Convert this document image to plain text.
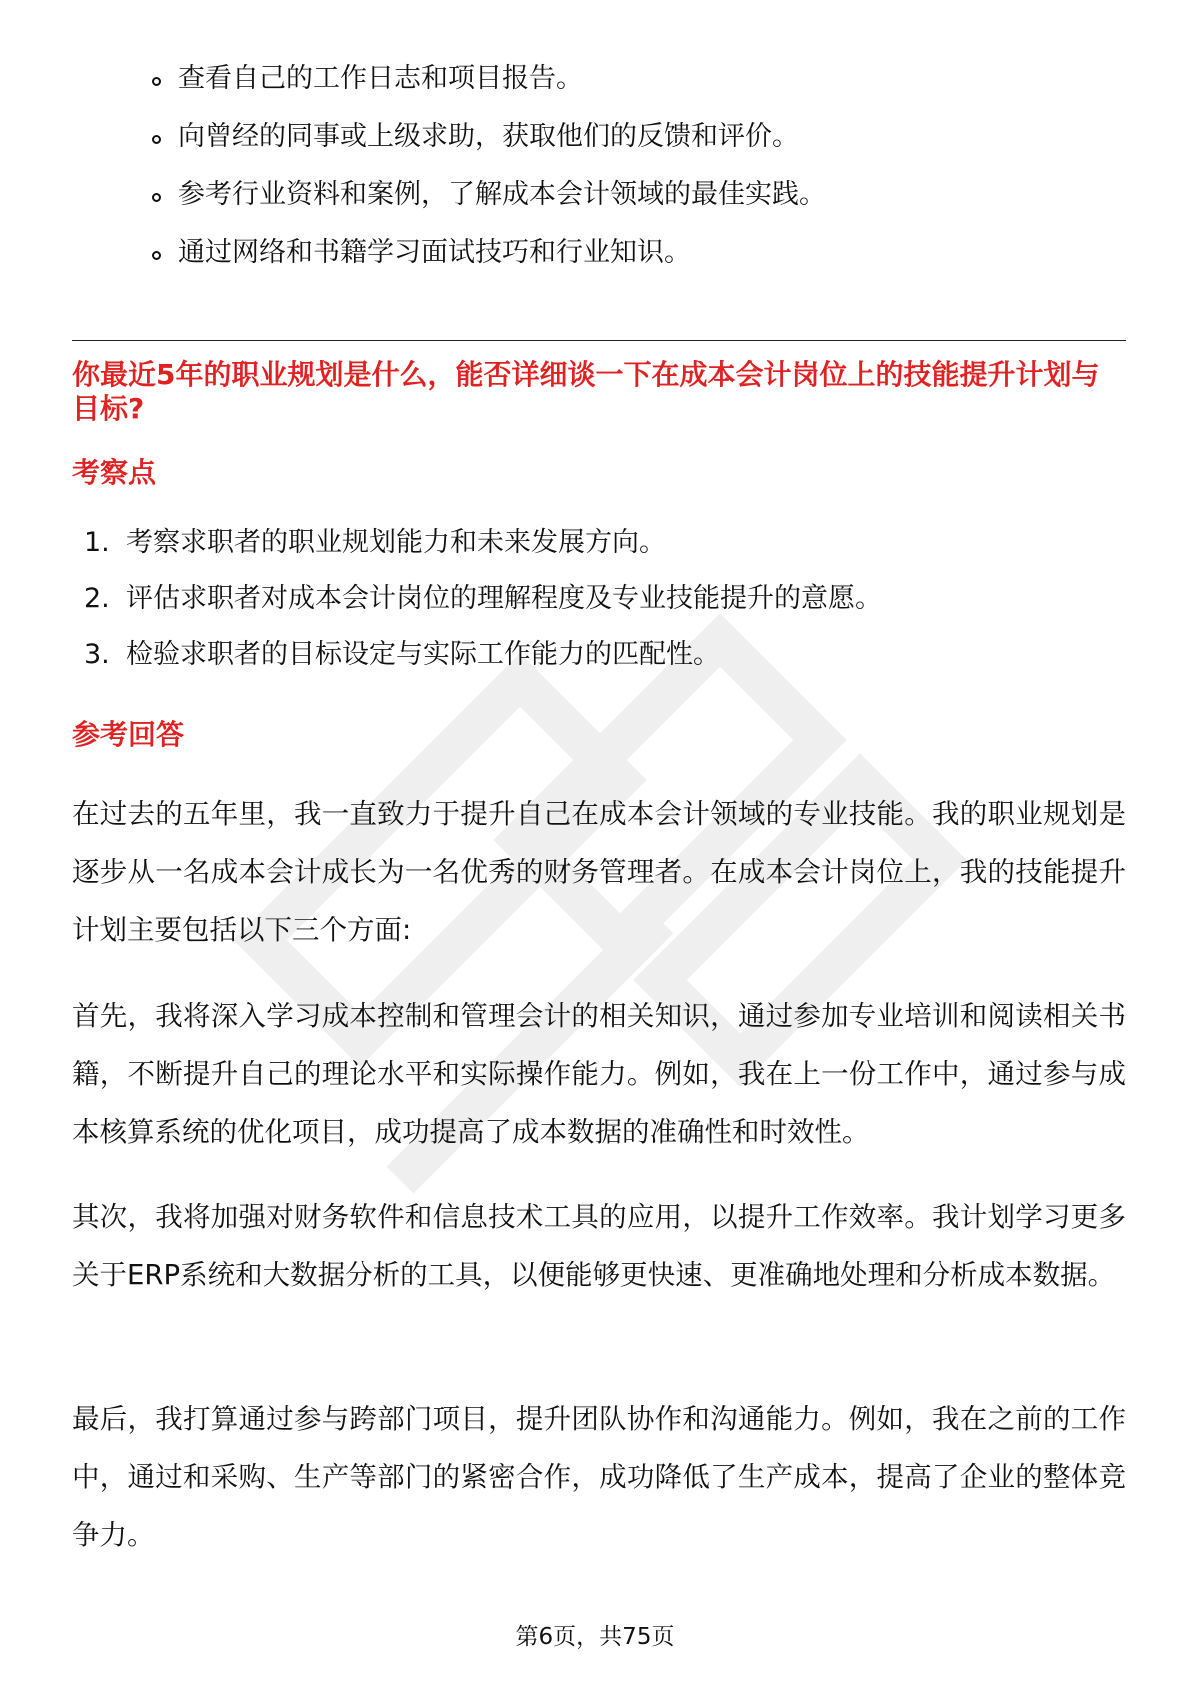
查看自己的工作日志和项目报告。
向曾经的同事或上级求助，获取他们的反馈和评价。
参考行业资料和案例，了解成本会计领域的最佳实践。
通过网络和书籍学习面试技巧和行业知识。
你最近5年的职业规划是什么，能否详细谈一下在成本会计岗位上的技能提升计划与目标?
考察点
1. 考察求职者的职业规划能力和未来发展方向。
2. 评估求职者对成本会计岗位的理解程度及专业技能提升的意愿。
3. 检验求职者的目标设定与实际工作能力的匹配性。
参考回答

在过去的五年里，我一直致力于提升自己在成本会计领域的专业技能。我的职业规划是逐步从一名成本会计成长为一名优秀的财务管理者。在成本会计岗位上，我的技能提升计划主要包括以下三个方面:

首先，我将深入学习成本控制和管理会计的相关知识，通过参加专业培训和阅读相关书籍，不断提升自己的理论水平和实际操作能力。例如，我在上一份工作中，通过参与成本核算系统的优化项目，成功提高了成本数据的准确性和时效性。

其次，我将加强对财务软件和信息技术工具的应用，以提升工作效率。我计划学习更多关于ERP系统和大数据分析的工具，以便能够更快速、更准确地处理和分析成本数据。

最后，我打算通过参与跨部门项目，提升团队协作和沟通能力。例如，我在之前的工作中，通过和采购、生产等部门的紧密合作，成功降低了生产成本，提高了企业的整体竞争力。

第6页，共75页
